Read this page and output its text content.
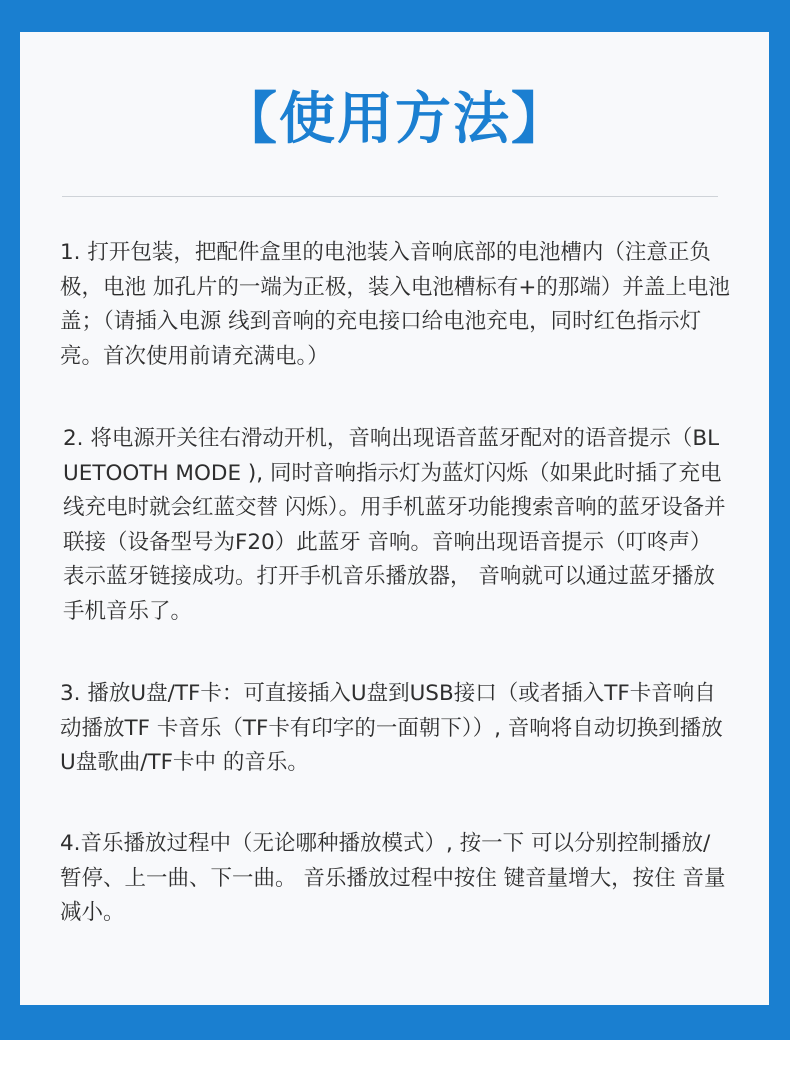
【使用方法】

1. 打开包装，把配件盒里的电池装入音响底部的电池槽内（注意正负极，电池 加孔片的一端为正极，装入电池槽标有+的那端）并盖上电池盖；（请插入电源 线到音响的充电接口给电池充电，同时红色指示灯亮。首次使用前请充满电。）

2. 将电源开关往右滑动开机，音响出现语音蓝牙配对的语音提示（BLUETOOTH MODE ), 同时音响指示灯为蓝灯闪烁（如果此时插了充电线充电时就会红蓝交替 闪烁）。用手机蓝牙功能搜索音响的蓝牙设备并联接（设备型号为F20）此蓝牙 音响。音响出现语音提示（叮咚声）表示蓝牙链接成功。打开手机音乐播放器， 音响就可以通过蓝牙播放手机音乐了。

3. 播放U盘/TF卡：可直接插入U盘到USB接口（或者插入TF卡音响自动播放TF 卡音乐（TF卡有印字的一面朝下））, 音响将自动切换到播放U盘歌曲/TF卡中 的音乐。

4.音乐播放过程中（无论哪种播放模式）, 按一下 可以分别控制播放/暂停、上一曲、下一曲。 音乐播放过程中按住 键音量增大，按住 音量减小。
